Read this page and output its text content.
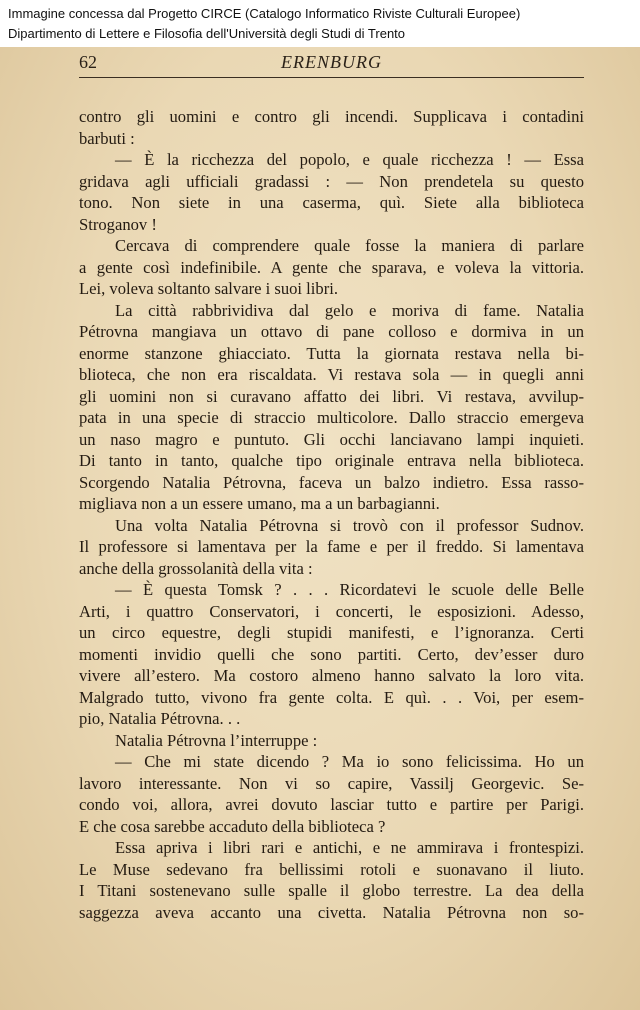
Immagine concessa dal Progetto CIRCE (Catalogo Informatico Riviste Culturali Europee)
Dipartimento di Lettere e Filosofia dell'Università degli Studi di Trento
62	ERENBURG
contro gli uomini e contro gli incendi. Supplicava i contadini
barbuti :
— È la ricchezza del popolo, e quale ricchezza ! — Essa
gridava agli ufficiali gradassi : — Non prendetela su questo
tono. Non siete in una caserma, quì. Siete alla biblioteca
Stroganov !
Cercava di comprendere quale fosse la maniera di parlare
a gente così indefinibile. A gente che sparava, e voleva la vittoria.
Lei, voleva soltanto salvare i suoi libri.
La città rabbrividiva dal gelo e moriva di fame. Natalia
Pétrovna mangiava un ottavo di pane colloso e dormiva in un
enorme stanzone ghiacciato. Tutta la giornata restava nella bi-
blioteca, che non era riscaldata. Vi restava sola — in quegli anni
gli uomini non si curavano affatto dei libri. Vi restava, avvilup-
pata in una specie di straccio multicolore. Dallo straccio emergeva
un naso magro e puntuto. Gli occhi lanciavano lampi inquieti.
Di tanto in tanto, qualche tipo originale entrava nella biblioteca.
Scorgendo Natalia Pétrovna, faceva un balzo indietro. Essa rasso-
migliava non a un essere umano, ma a un barbagianni.
Una volta Natalia Pétrovna si trovò con il professor Sudnov.
Il professore si lamentava per la fame e per il freddo. Si lamentava
anche della grossolanità della vita :
— È questa Tomsk ? . . . Ricordatevi le scuole delle Belle
Arti, i quattro Conservatori, i concerti, le esposizioni. Adesso,
un circo equestre, degli stupidi manifesti, e l’ignoranza. Certi
momenti invidio quelli che sono partiti. Certo, dev’esser duro
vivere all’estero. Ma costoro almeno hanno salvato la loro vita.
Malgrado tutto, vivono fra gente colta. E quì. . . Voi, per esem-
pio, Natalia Pétrovna. . .
Natalia Pétrovna l’interruppe :
— Che mi state dicendo ? Ma io sono felicissima. Ho un
lavoro interessante. Non vi so capire, Vassilj Georgevic. Se-
condo voi, allora, avrei dovuto lasciar tutto e partire per Parigi.
E che cosa sarebbe accaduto della biblioteca ?
Essa apriva i libri rari e antichi, e ne ammirava i frontespizi.
Le Muse sedevano fra bellissimi rotoli e suonavano il liuto.
I Titani sostenevano sulle spalle il globo terrestre. La dea della
saggezza aveva accanto una civetta. Natalia Pétrovna non so-
